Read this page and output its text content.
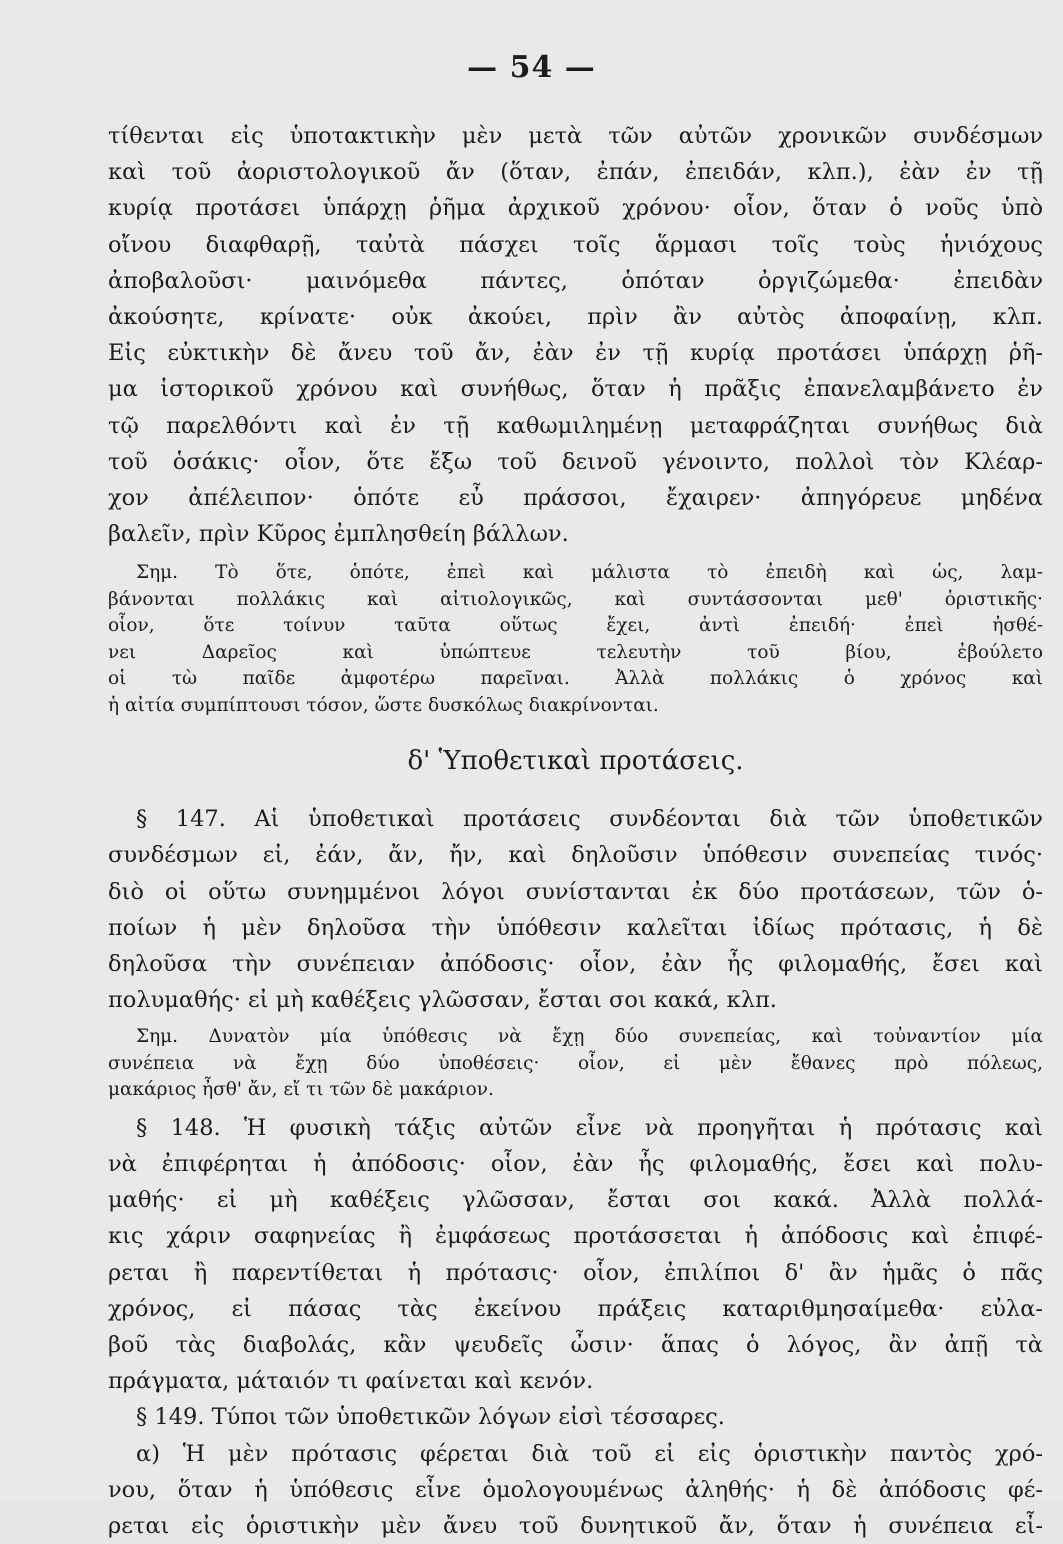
— 54 —
τίθενται εἰς ὑποτακτικὴν μὲν μετὰ τῶν αὐτῶν χρονικῶν συνδέσμων
καὶ τοῦ ἀοριστολογικοῦ ἄν (ὅταν, ἐπάν, ἐπειδάν, κλπ.), ἐὰν ἐν τῇ
κυρίᾳ προτάσει ὑπάρχῃ ῥῆμα ἀρχικοῦ χρόνου· οἷον, ὅταν ὁ νοῦς ὑπὸ
οἴνου διαφθαρῇ, ταὐτὰ πάσχει τοῖς ἅρμασι τοῖς τοὺς ἡνιόχους
ἀποβαλοῦσι· μαινόμεθα πάντες, ὁπόταν ὀργιζώμεθα· ἐπειδὰν
ἀκούσητε, κρίνατε· οὐκ ἀκούει, πρὶν ἂν αὐτὸς ἀποφαίνῃ, κλπ.
Εἰς εὐκτικὴν δὲ ἄνευ τοῦ ἄν, ἐὰν ἐν τῇ κυρίᾳ προτάσει ὑπάρχῃ ῥῆ-
μα ἱστορικοῦ χρόνου καὶ συνήθως, ὅταν ἡ πρᾶξις ἐπανελαμβάνετο ἐν
τῷ παρελθόντι καὶ ἐν τῇ καθωμιλημένῃ μεταφράζηται συνήθως διὰ
τοῦ ὁσάκις· οἷον, ὅτε ἔξω τοῦ δεινοῦ γένοιντο, πολλοὶ τὸν Κλέαρ-
χον ἀπέλειπον· ὁπότε εὖ πράσσοι, ἔχαιρεν· ἀπηγόρευε μηδένα
βαλεῖν, πρὶν Κῦρος ἐμπλησθείη βάλλων.
Σημ. Τὸ ὅτε, ὁπότε, ἐπεὶ καὶ μάλιστα τὸ ἐπειδὴ καὶ ὡς, λαμ-
βάνονται πολλάκις καὶ αἰτιολογικῶς, καὶ συντάσσονται μεθ' ὁριστικῆς·
οἷον, ὅτε τοίνυν ταῦτα οὕτως ἔχει, ἀντὶ ἐπειδή· ἐπεὶ ἠσθέ-
νει Δαρεῖος καὶ ὑπώπτευε τελευτὴν τοῦ βίου, ἐβούλετο
οἱ τὼ παῖδε ἀμφοτέρω παρεῖναι. Ἀλλὰ πολλάκις ὁ χρόνος καὶ
ἡ αἰτία συμπίπτουσι τόσον, ὥστε δυσκόλως διακρίνονται.
δ' Ὑποθετικαὶ προτάσεις.
§ 147. Αἱ ὑποθετικαὶ προτάσεις συνδέονται διὰ τῶν ὑποθετικῶν
συνδέσμων εἰ, ἐάν, ἄν, ἤν, καὶ δηλοῦσιν ὑπόθεσιν συνεπείας τινός·
διὸ οἱ οὕτω συνημμένοι λόγοι συνίστανται ἐκ δύο προτάσεων, τῶν ὁ-
ποίων ἡ μὲν δηλοῦσα τὴν ὑπόθεσιν καλεῖται ἰδίως πρότασις, ἡ δὲ
δηλοῦσα τὴν συνέπειαν ἀπόδοσις· οἷον, ἐὰν ἦς φιλομαθής, ἔσει καὶ
πολυμαθής· εἰ μὴ καθέξεις γλῶσσαν, ἔσται σοι κακά, κλπ.
Σημ. Δυνατὸν μία ὑπόθεσις νὰ ἔχῃ δύο συνεπείας, καὶ τοὐναντίον μία
συνέπεια νὰ ἔχῃ δύο ὑποθέσεις· οἷον, εἰ μὲν ἔθανες πρὸ πόλεως,
μακάριος ἦσθ' ἄν, εἴ τι τῶν δὲ μακάριον.
§ 148. Ἡ φυσικὴ τάξις αὐτῶν εἶνε νὰ προηγῆται ἡ πρότασις καὶ
νὰ ἐπιφέρηται ἡ ἀπόδοσις· οἷον, ἐὰν ἦς φιλομαθής, ἔσει καὶ πολυ-
μαθής· εἰ μὴ καθέξεις γλῶσσαν, ἔσται σοι κακά. Ἀλλὰ πολλά-
κις χάριν σαφηνείας ἢ ἐμφάσεως προτάσσεται ἡ ἀπόδοσις καὶ ἐπιφέ-
ρεται ἢ παρεντίθεται ἡ πρότασις· οἷον, ἐπιλίποι δ' ἂν ἡμᾶς ὁ πᾶς
χρόνος, εἰ πάσας τὰς ἐκείνου πράξεις καταριθμησαίμεθα· εὐλα-
βοῦ τὰς διαβολάς, κἂν ψευδεῖς ὦσιν· ἅπας ὁ λόγος, ἂν ἀπῇ τὰ
πράγματα, μάταιόν τι φαίνεται καὶ κενόν.
§ 149. Τύποι τῶν ὑποθετικῶν λόγων εἰσὶ τέσσαρες.
α) Ἡ μὲν πρότασις φέρεται διὰ τοῦ εἰ εἰς ὁριστικὴν παντὸς χρό-
νου, ὅταν ἡ ὑπόθεσις εἶνε ὁμολογουμένως ἀληθής· ἡ δὲ ἀπόδοσις φέ-
ρεται εἰς ὁριστικὴν μὲν ἄνευ τοῦ δυνητικοῦ ἄν, ὅταν ἡ συνέπεια εἶ-
